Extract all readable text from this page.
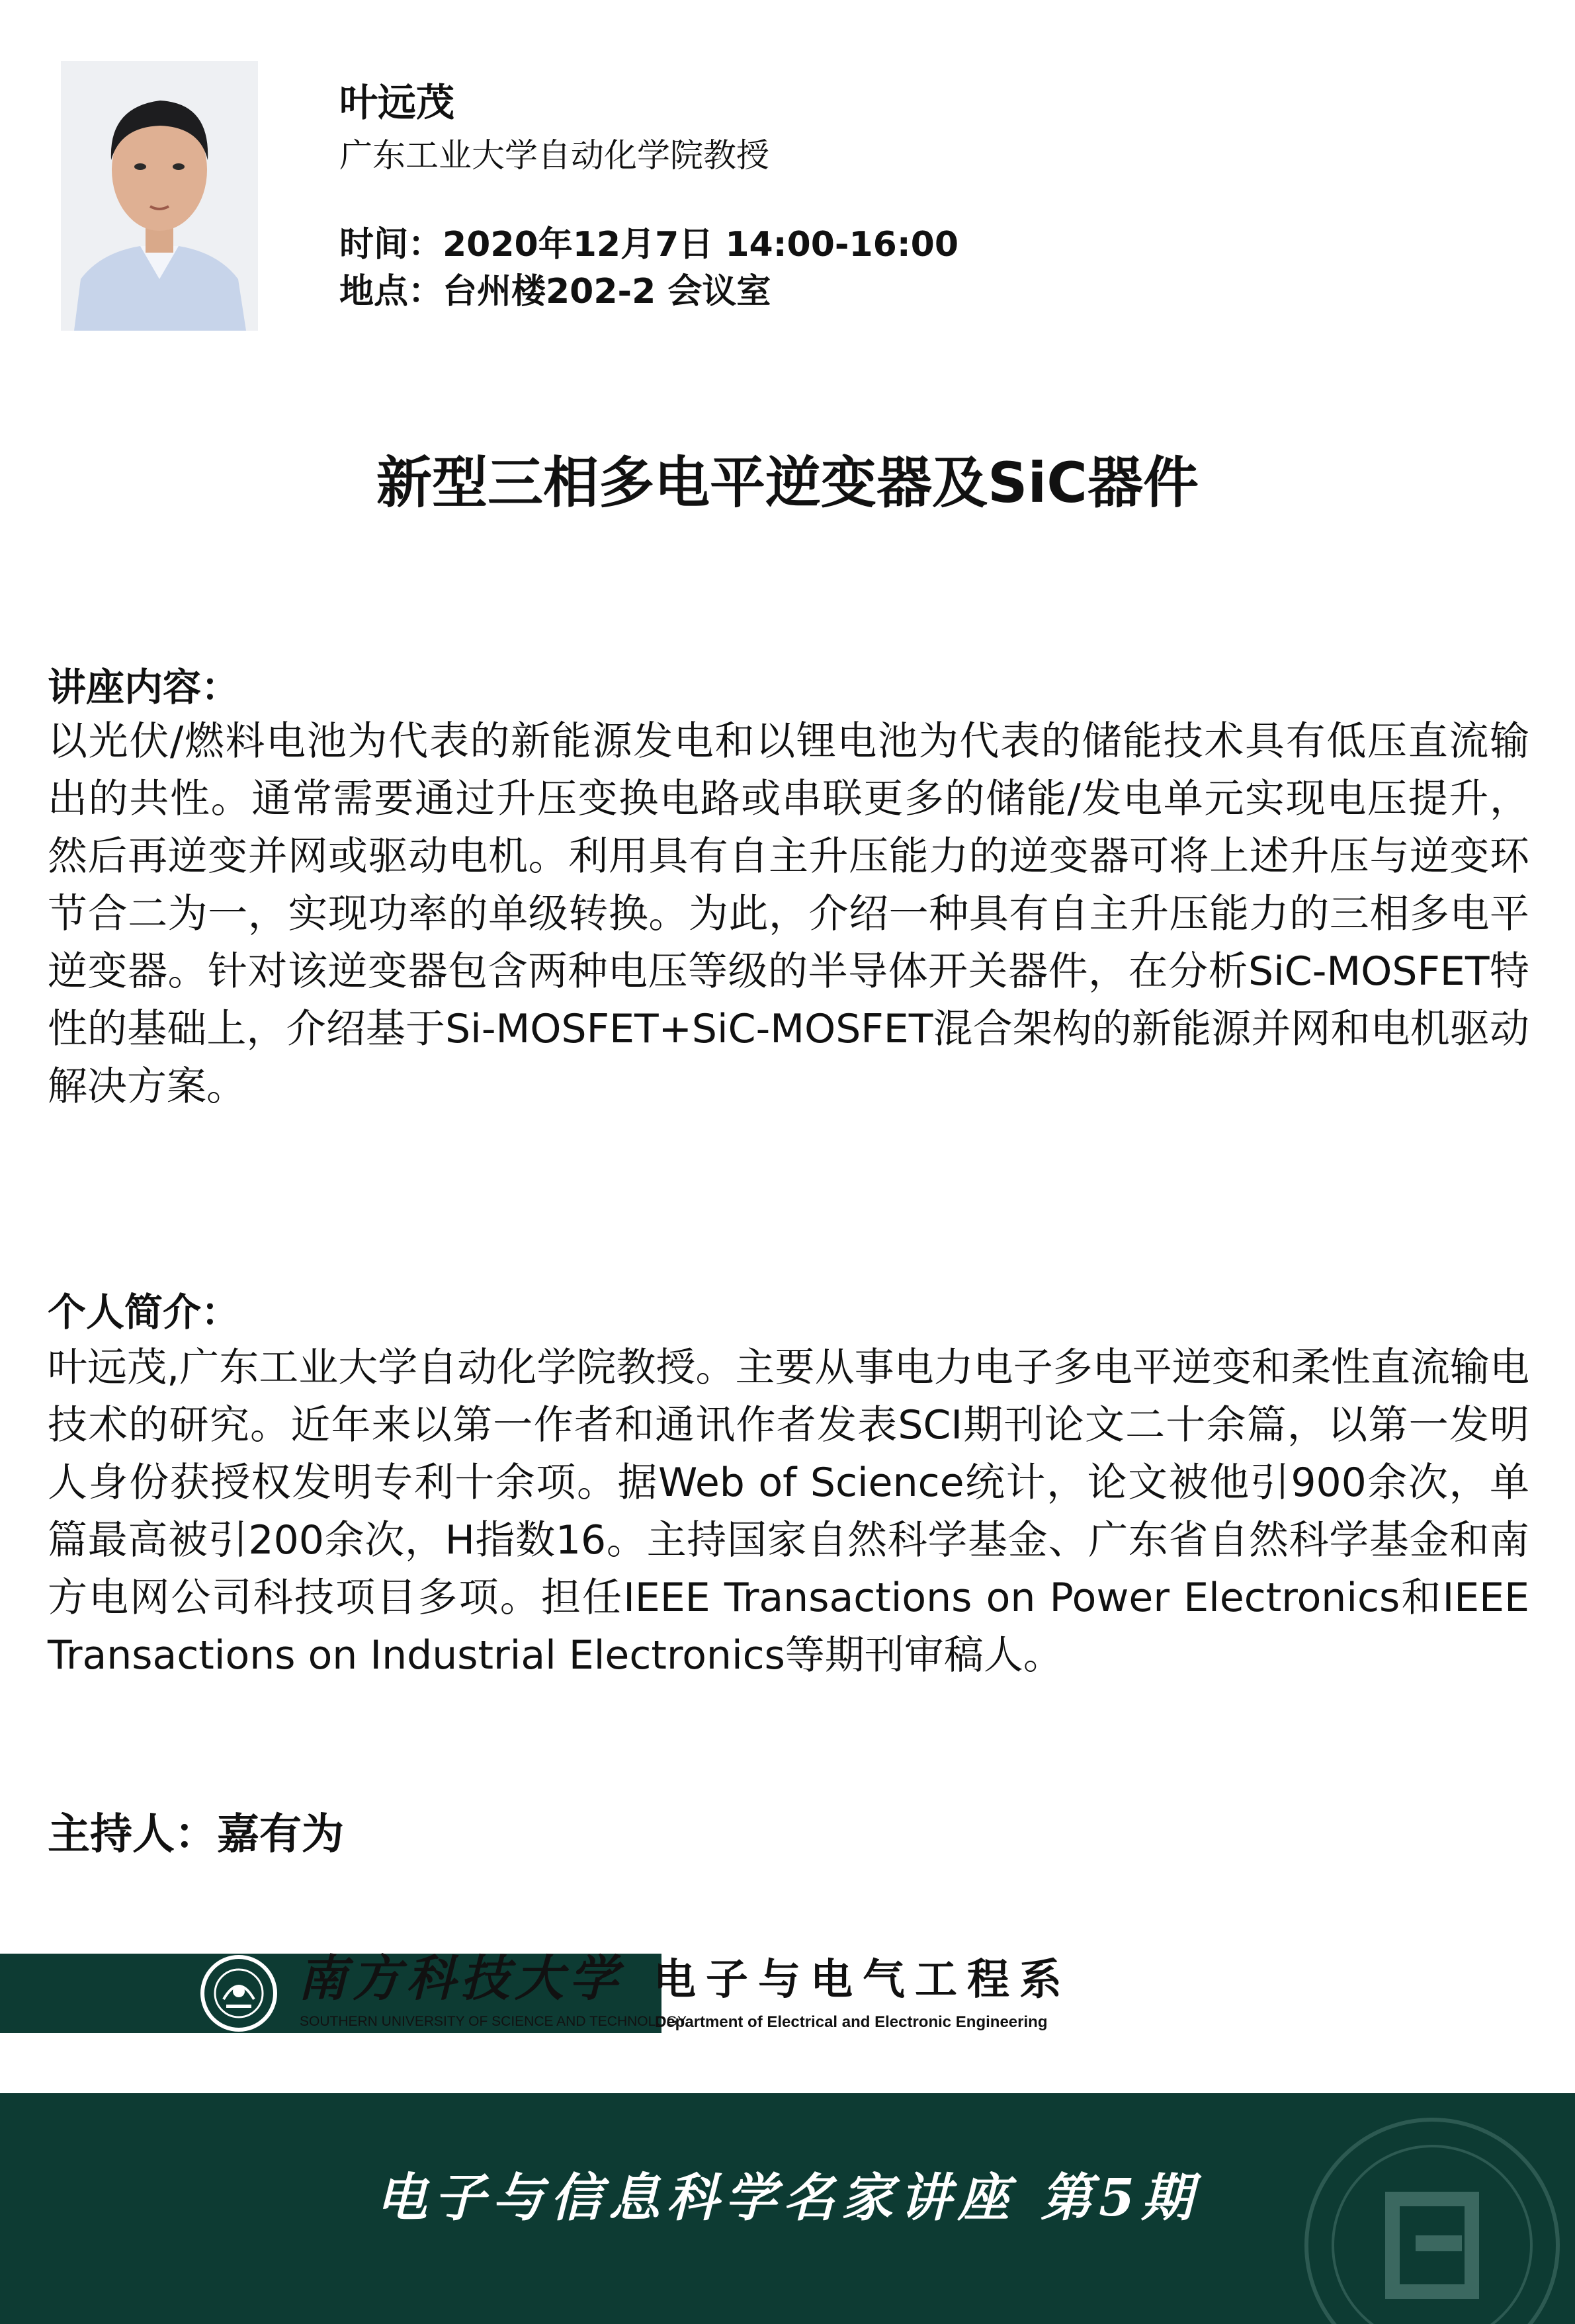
叶远茂
广东工业大学自动化学院教授
时间：2020年12月7日 14:00-16:00
地点：台州楼202-2 会议室
新型三相多电平逆变器及SiC器件
讲座内容：
以光伏/燃料电池为代表的新能源发电和以锂电池为代表的储能技术具有低压直流输出的共性。通常需要通过升压变换电路或串联更多的储能/发电单元实现电压提升，然后再逆变并网或驱动电机。利用具有自主升压能力的逆变器可将上述升压与逆变环节合二为一，实现功率的单级转换。为此，介绍一种具有自主升压能力的三相多电平逆变器。针对该逆变器包含两种电压等级的半导体开关器件，在分析SiC-MOSFET特性的基础上，介绍基于Si-MOSFET+SiC-MOSFET混合架构的新能源并网和电机驱动解决方案。
个人简介：
叶远茂,广东工业大学自动化学院教授。主要从事电力电子多电平逆变和柔性直流输电技术的研究。近年来以第一作者和通讯作者发表SCI期刊论文二十余篇，以第一发明人身份获授权发明专利十余项。据Web of Science统计，论文被他引900余次，单篇最高被引200余次，H指数16。主持国家自然科学基金、广东省自然科学基金和南方电网公司科技项目多项。担任IEEE Transactions on Power Electronics和IEEE Transactions on Industrial Electronics等期刊审稿人。
主持人：嘉有为
南方科技大学
SOUTHERN UNIVERSITY OF SCIENCE AND TECHNOLOGY
电子与电气工程系
Department of Electrical and Electronic Engineering
电子与信息科学名家讲座 第5期
